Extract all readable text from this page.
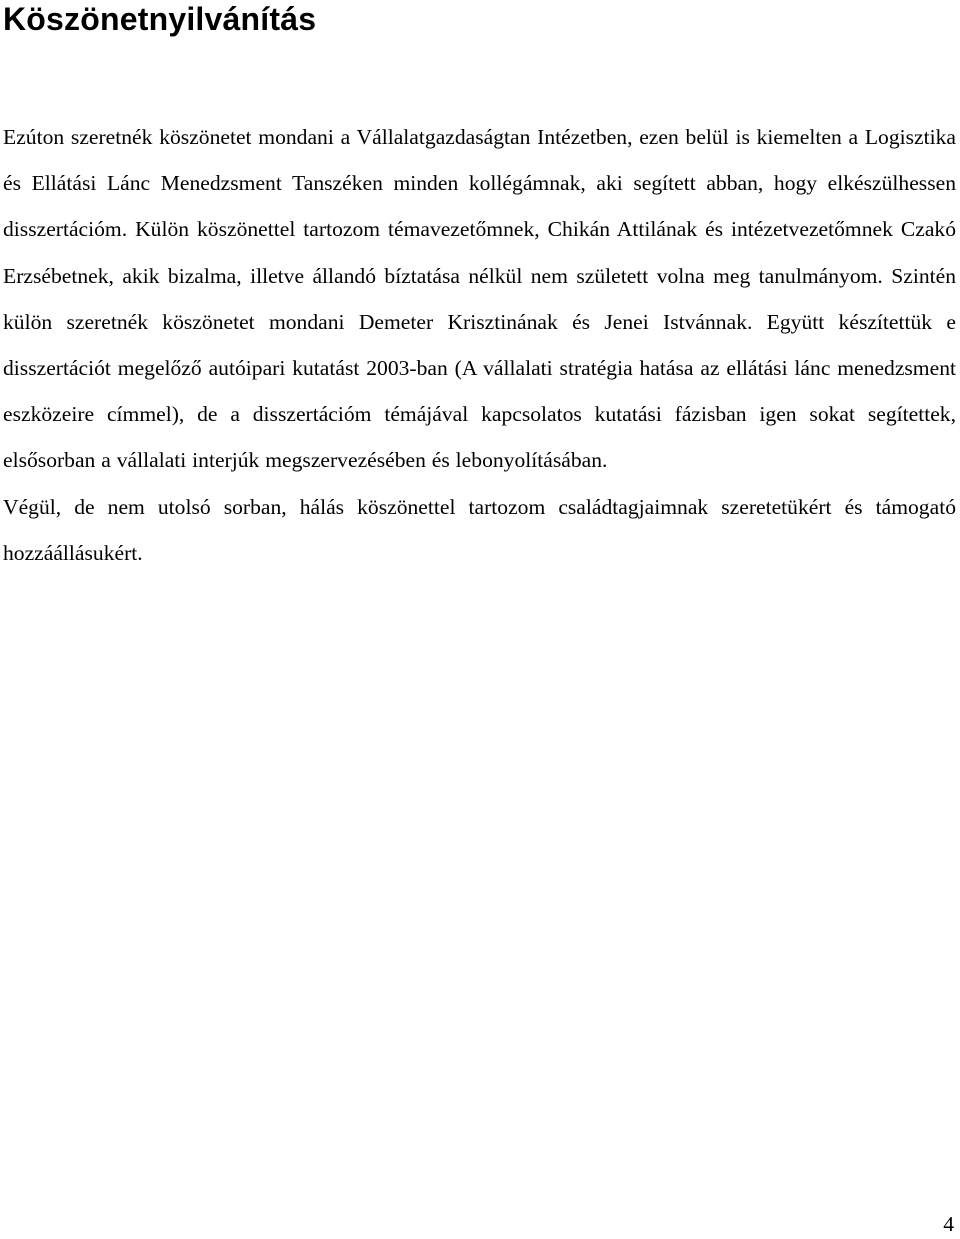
Köszönetnyilvánítás

Ezúton szeretnék köszönetet mondani a Vállalatgazdaságtan Intézetben, ezen belül is kiemelten a Logisztika és Ellátási Lánc Menedzsment Tanszéken minden kollégámnak, aki segített abban, hogy elkészülhessen disszertációm. Külön köszönettel tartozom témavezetőmnek, Chikán Attilának és intézetvezetőmnek Czakó Erzsébetnek, akik bizalma, illetve állandó bíztatása nélkül nem született volna meg tanulmányom. Szintén külön szeretnék köszönetet mondani Demeter Krisztinának és Jenei Istvánnak. Együtt készítettük e disszertációt megelőző autóipari kutatást 2003-ban (A vállalati stratégia hatása az ellátási lánc menedzsment eszközeire címmel), de a disszertációm témájával kapcsolatos kutatási fázisban igen sokat segítettek, elsősorban a vállalati interjúk megszervezésében és lebonyolításában.

Végül, de nem utolsó sorban, hálás köszönettel tartozom családtagjaimnak szeretetükért és támogató hozzáállásukért.

4
